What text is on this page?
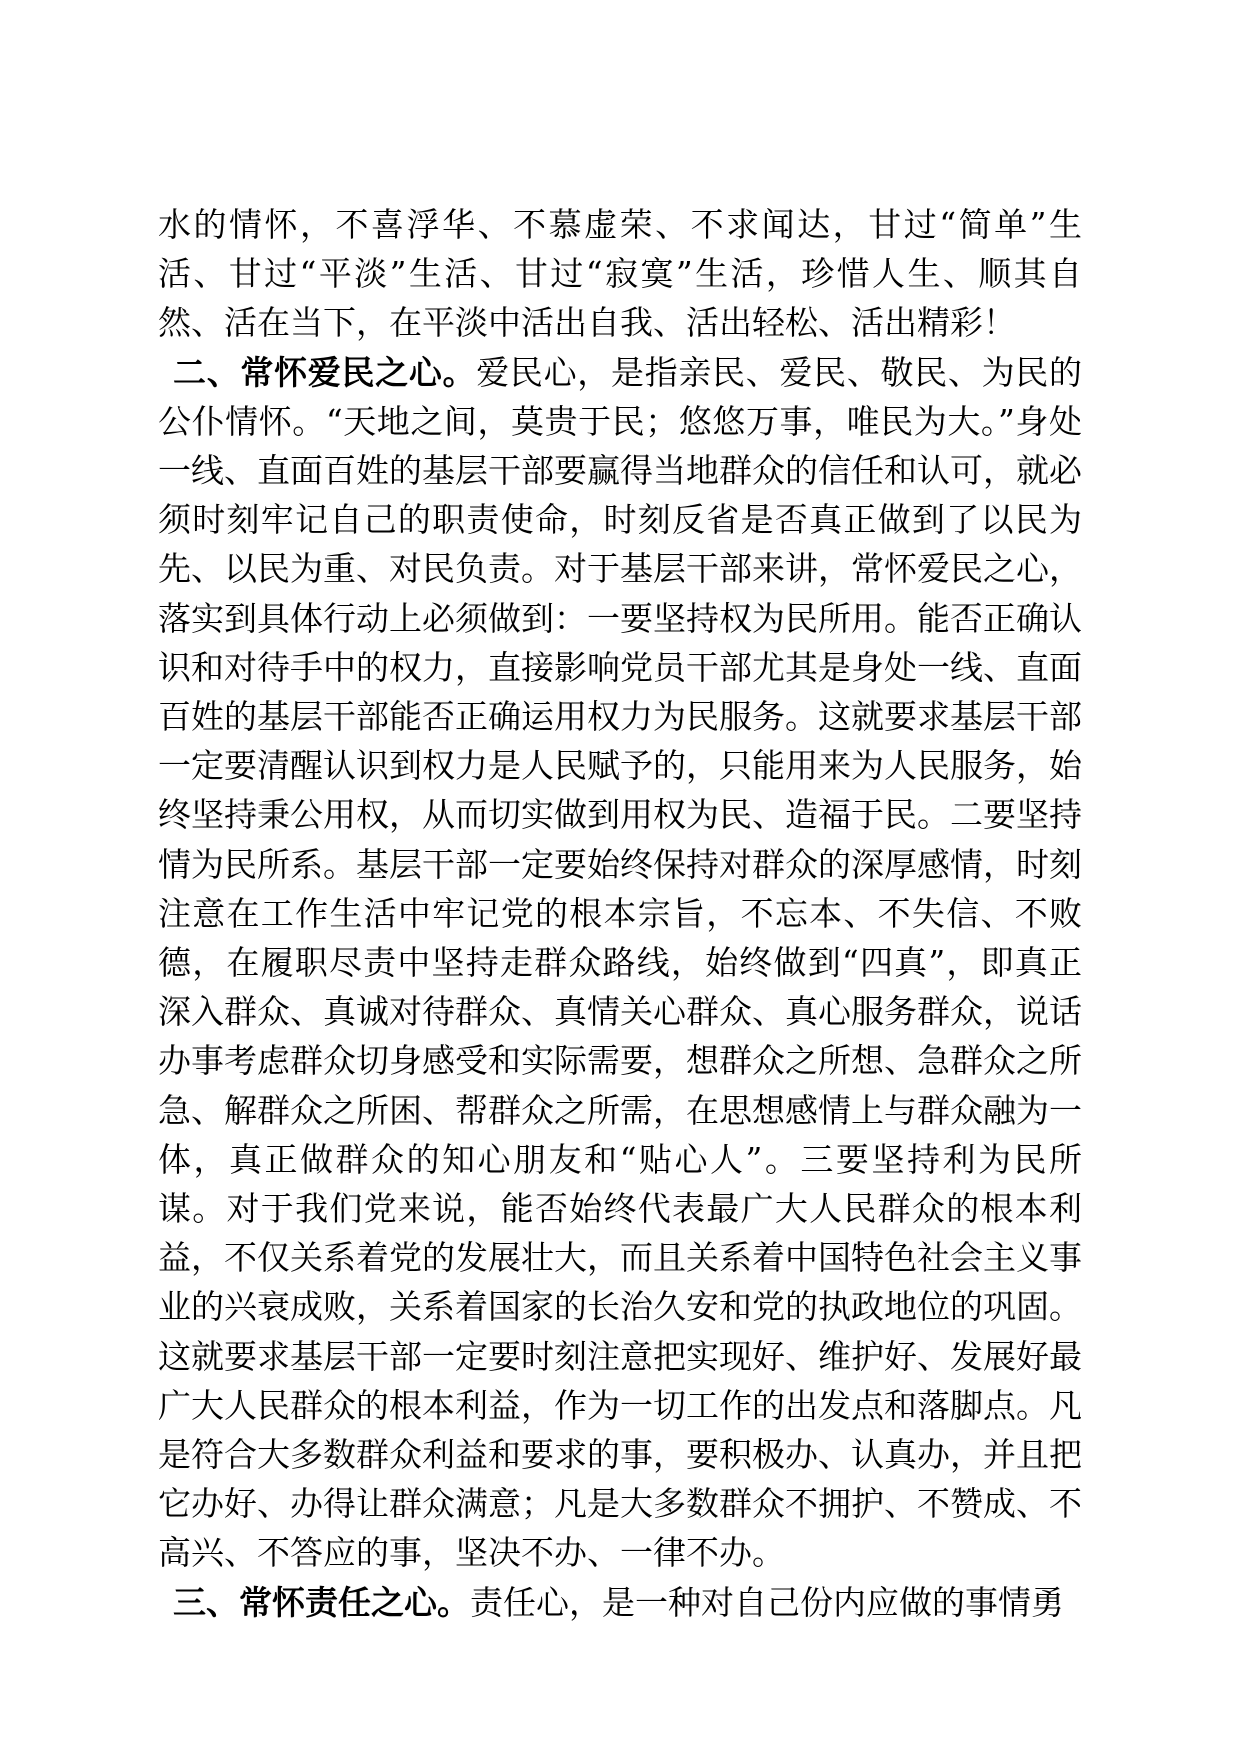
水的情怀，不喜浮华、不慕虚荣、不求闻达，甘过“简单”生活、甘过“平淡”生活、甘过“寂寞”生活，珍惜人生、顺其自然、活在当下，在平淡中活出自我、活出轻松、活出精彩！

二、常怀爱民之心。爱民心，是指亲民、爱民、敬民、为民的公仆情怀。“天地之间，莫贵于民；悠悠万事，唯民为大。”身处一线、直面百姓的基层干部要赢得当地群众的信任和认可，就必须时刻牢记自己的职责使命，时刻反省是否真正做到了以民为先、以民为重、对民负责。对于基层干部来讲，常怀爱民之心，落实到具体行动上必须做到：一要坚持权为民所用。能否正确认识和对待手中的权力，直接影响党员干部尤其是身处一线、直面百姓的基层干部能否正确运用权力为民服务。这就要求基层干部一定要清醒认识到权力是人民赋予的，只能用来为人民服务，始终坚持秉公用权，从而切实做到用权为民、造福于民。二要坚持情为民所系。基层干部一定要始终保持对群众的深厚感情，时刻注意在工作生活中牢记党的根本宗旨，不忘本、不失信、不败德，在履职尽责中坚持走群众路线，始终做到“四真”，即真正深入群众、真诚对待群众、真情关心群众、真心服务群众，说话办事考虑群众切身感受和实际需要，想群众之所想、急群众之所急、解群众之所困、帮群众之所需，在思想感情上与群众融为一体，真正做群众的知心朋友和“贴心人”。三要坚持利为民所谋。对于我们党来说，能否始终代表最广大人民群众的根本利益，不仅关系着党的发展壮大，而且关系着中国特色社会主义事业的兴衰成败，关系着国家的长治久安和党的执政地位的巩固。这就要求基层干部一定要时刻注意把实现好、维护好、发展好最广大人民群众的根本利益，作为一切工作的出发点和落脚点。凡是符合大多数群众利益和要求的事，要积极办、认真办，并且把它办好、办得让群众满意；凡是大多数群众不拥护、不赞成、不高兴、不答应的事，坚决不办、一律不办。

三、常怀责任之心。责任心，是一种对自己份内应做的事情勇
